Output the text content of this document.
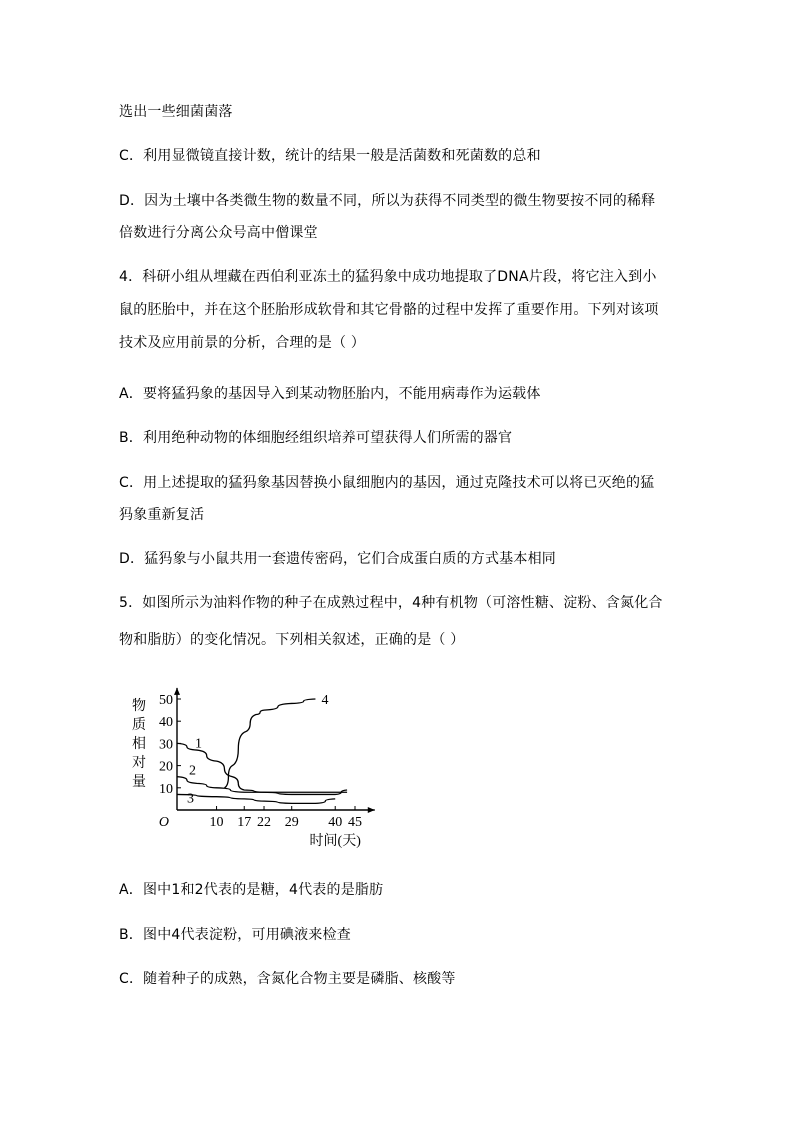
选出一些细菌菌落
C．利用显微镜直接计数，统计的结果一般是活菌数和死菌数的总和
D．因为土壤中各类微生物的数量不同，所以为获得不同类型的微生物要按不同的稀释
倍数进行分离公众号高中僧课堂
4．科研小组从埋藏在西伯利亚冻土的猛犸象中成功地提取了DNA片段，将它注入到小
鼠的胚胎中，并在这个胚胎形成软骨和其它骨骼的过程中发挥了重要作用。下列对该项
技术及应用前景的分析，合理的是（ ）
A．要将猛犸象的基因导入到某动物胚胎内，不能用病毒作为运载体
B．利用绝种动物的体细胞经组织培养可望获得人们所需的器官
C．用上述提取的猛犸象基因替换小鼠细胞内的基因，通过克隆技术可以将已灭绝的猛
犸象重新复活
D．猛犸象与小鼠共用一套遗传密码，它们合成蛋白质的方式基本相同
5．如图所示为油料作物的种子在成熟过程中，4种有机物（可溶性糖、淀粉、含氮化合
物和脂肪）的变化情况。下列相关叙述，正确的是（ ）
10 17 22 29 40 45
10
20
30
40
50
O
时间(天)
物质相对量
1
2
3
4
A．图中1和2代表的是糖，4代表的是脂肪
B．图中4代表淀粉，可用碘液来检查
C．随着种子的成熟，含氮化合物主要是磷脂、核酸等
